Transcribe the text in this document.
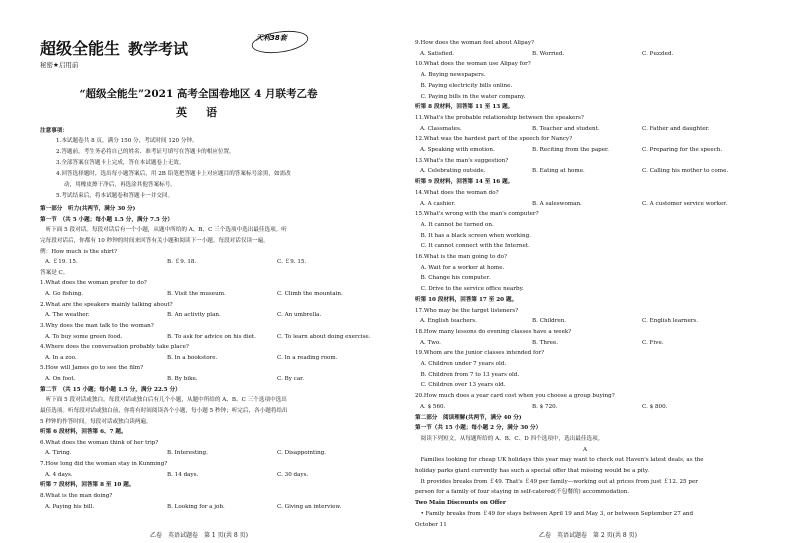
超级全能生 教学考试
天利38套
秘密★启用前
“超级全能生”2021 高考全国卷地区 4 月联考乙卷
英　语
注意事项：
1.本试题卷共 8 页，满分 150 分，考试时间 120 分钟。
2.答题前，考生务必将自己的姓名、准考证号填写在答题卡的相应位置。
3.全部答案在答题卡上完成，答在本试题卷上无效。
4.回答选择题时，选出每小题答案后，用 2B 铅笔把答题卡上对应题目的答案标号涂黑，如需改
动，用橡皮擦干净后，再选涂其他答案标号。
5.考试结束后，将本试题卷和答题卡一并交回。
第一部分　听力(共两节，满分 30 分)
第一节　（共 5 小题；每小题 1.5 分，满分 7.5 分）
　听下面 5 段对话。每段对话后有一个小题，从题中所给的 A、B、C 三个选项中选出最佳选项。听
完每段对话后，你都有 10 秒钟的时间来回答有关小题和阅读下一小题。每段对话仅读一遍。
例：How much is the shirt?
A. ￡19. 15.	B. ￡9. 18.	C. ￡9. 15.
答案是 C。
1.What does the woman prefer to do?
A. Go fishing.	B. Visit the museum.	C. Climb the mountain.
2.What are the speakers mainly talking about?
A. The weather.	B. An activity plan.	C. An umbrella.
3.Why does the man talk to the woman?
A. To buy some green food.	B. To ask for advice on his diet.	C. To learn about doing exercise.
4.Where does the conversation probably take place?
A. In a zoo.	B. In a bookstore.	C. In a reading room.
5.How will James go to see the film?
A. On foot.	B. By bike.	C. By car.
第二节　（共 15 小题；每小题 1.5 分，满分 22.5 分）
　听下面 5 段对话或独白。每段对话或独白后有几个小题，从题中所给的 A、B、C 三个选项中选出
最佳选项。听每段对话或独白前，你将有时间阅读各个小题，每小题 5 秒钟；听完后，各小题将给出
5 秒钟的作答时间。每段对话或独白读两遍。
听第 6 段材料，回答第 6、7 题。
6.What does the woman think of her trip?
A. Tiring.	B. Interesting.	C. Disappointing.
7.How long did the woman stay in Kunming?
A. 4 days.	B. 14 days.	C. 30 days.
听第 7 段材料，回答第 8 至 10 题。
8.What is the man doing?
A. Paying his bill.	B. Looking for a job.	C. Giving an interview.
乙卷　英语试题卷　第 1 页(共 8 页)
9.How does the woman feel about Alipay?
A. Satisfied.	B. Worried.	C. Puzzled.
10.What does the woman use Alipay for?
　A. Buying newspapers.
　B. Paying electricity bills online.
　C. Paying bills in the water company.
听第 8 段材料，回答第 11 至 13 题。
11.What's the probable relationship between the speakers?
A. Classmates.	B. Teacher and student.	C. Father and daughter.
12.What was the hardest part of the speech for Nancy?
A. Speaking with emotion.	B. Reciting from the paper.	C. Preparing for the speech.
13.What's the man's suggestion?
A. Celebrating outside.	B. Eating at home.	C. Calling his mother to come.
听第 9 段材料，回答第 14 至 16 题。
14.What does the woman do?
A. A cashier.	B. A saleswoman.	C. A customer service worker.
15.What's wrong with the man's computer?
　A. It cannot be turned on.
　B. It has a black screen when working.
　C. It cannot connect with the Internet.
16.What is the man going to do?
　A. Wait for a worker at home.
　B. Change his computer.
　C. Drive to the service office nearby.
听第 10 段材料，回答第 17 至 20 题。
17.Who may be the target listeners?
A. English teachers.	B. Children.	C. English learners.
18.How many lessons do evening classes have a week?
A. Two.	B. Three.	C. Five.
19.Whom are the junior classes intended for?
　A. Children under 7 years old.
　B. Children from 7 to 13 years old.
　C. Children over 13 years old.
20.How much does a year card cost when you choose a group buying?
A. $ 560.	B. $ 720.	C. $ 800.
第二部分　阅读理解(共两节，满分 40 分)
第一节（共 15 小题；每小题 2 分，满分 30 分）
　阅读下列短文，从每题所给的 A、B、C、D 四个选项中，选出最佳选项。
A
　Families looking for cheap UK holidays this year may want to check out Haven's latest deals, as the
holiday parks giant currently has such a special offer that missing would be a pity.
　It provides breaks from ￡49. That's ￡49 per family—working out at prices from just ￡12. 25 per
person for a family of four staying in self-catered(不包餐的) accommodation.
Two Main Discounts on Offer
　• Family breaks from ￡49 for stays between April 19 and May 3, or between September 27 and
October 11
乙卷　英语试题卷　第 2 页(共 8 页)
